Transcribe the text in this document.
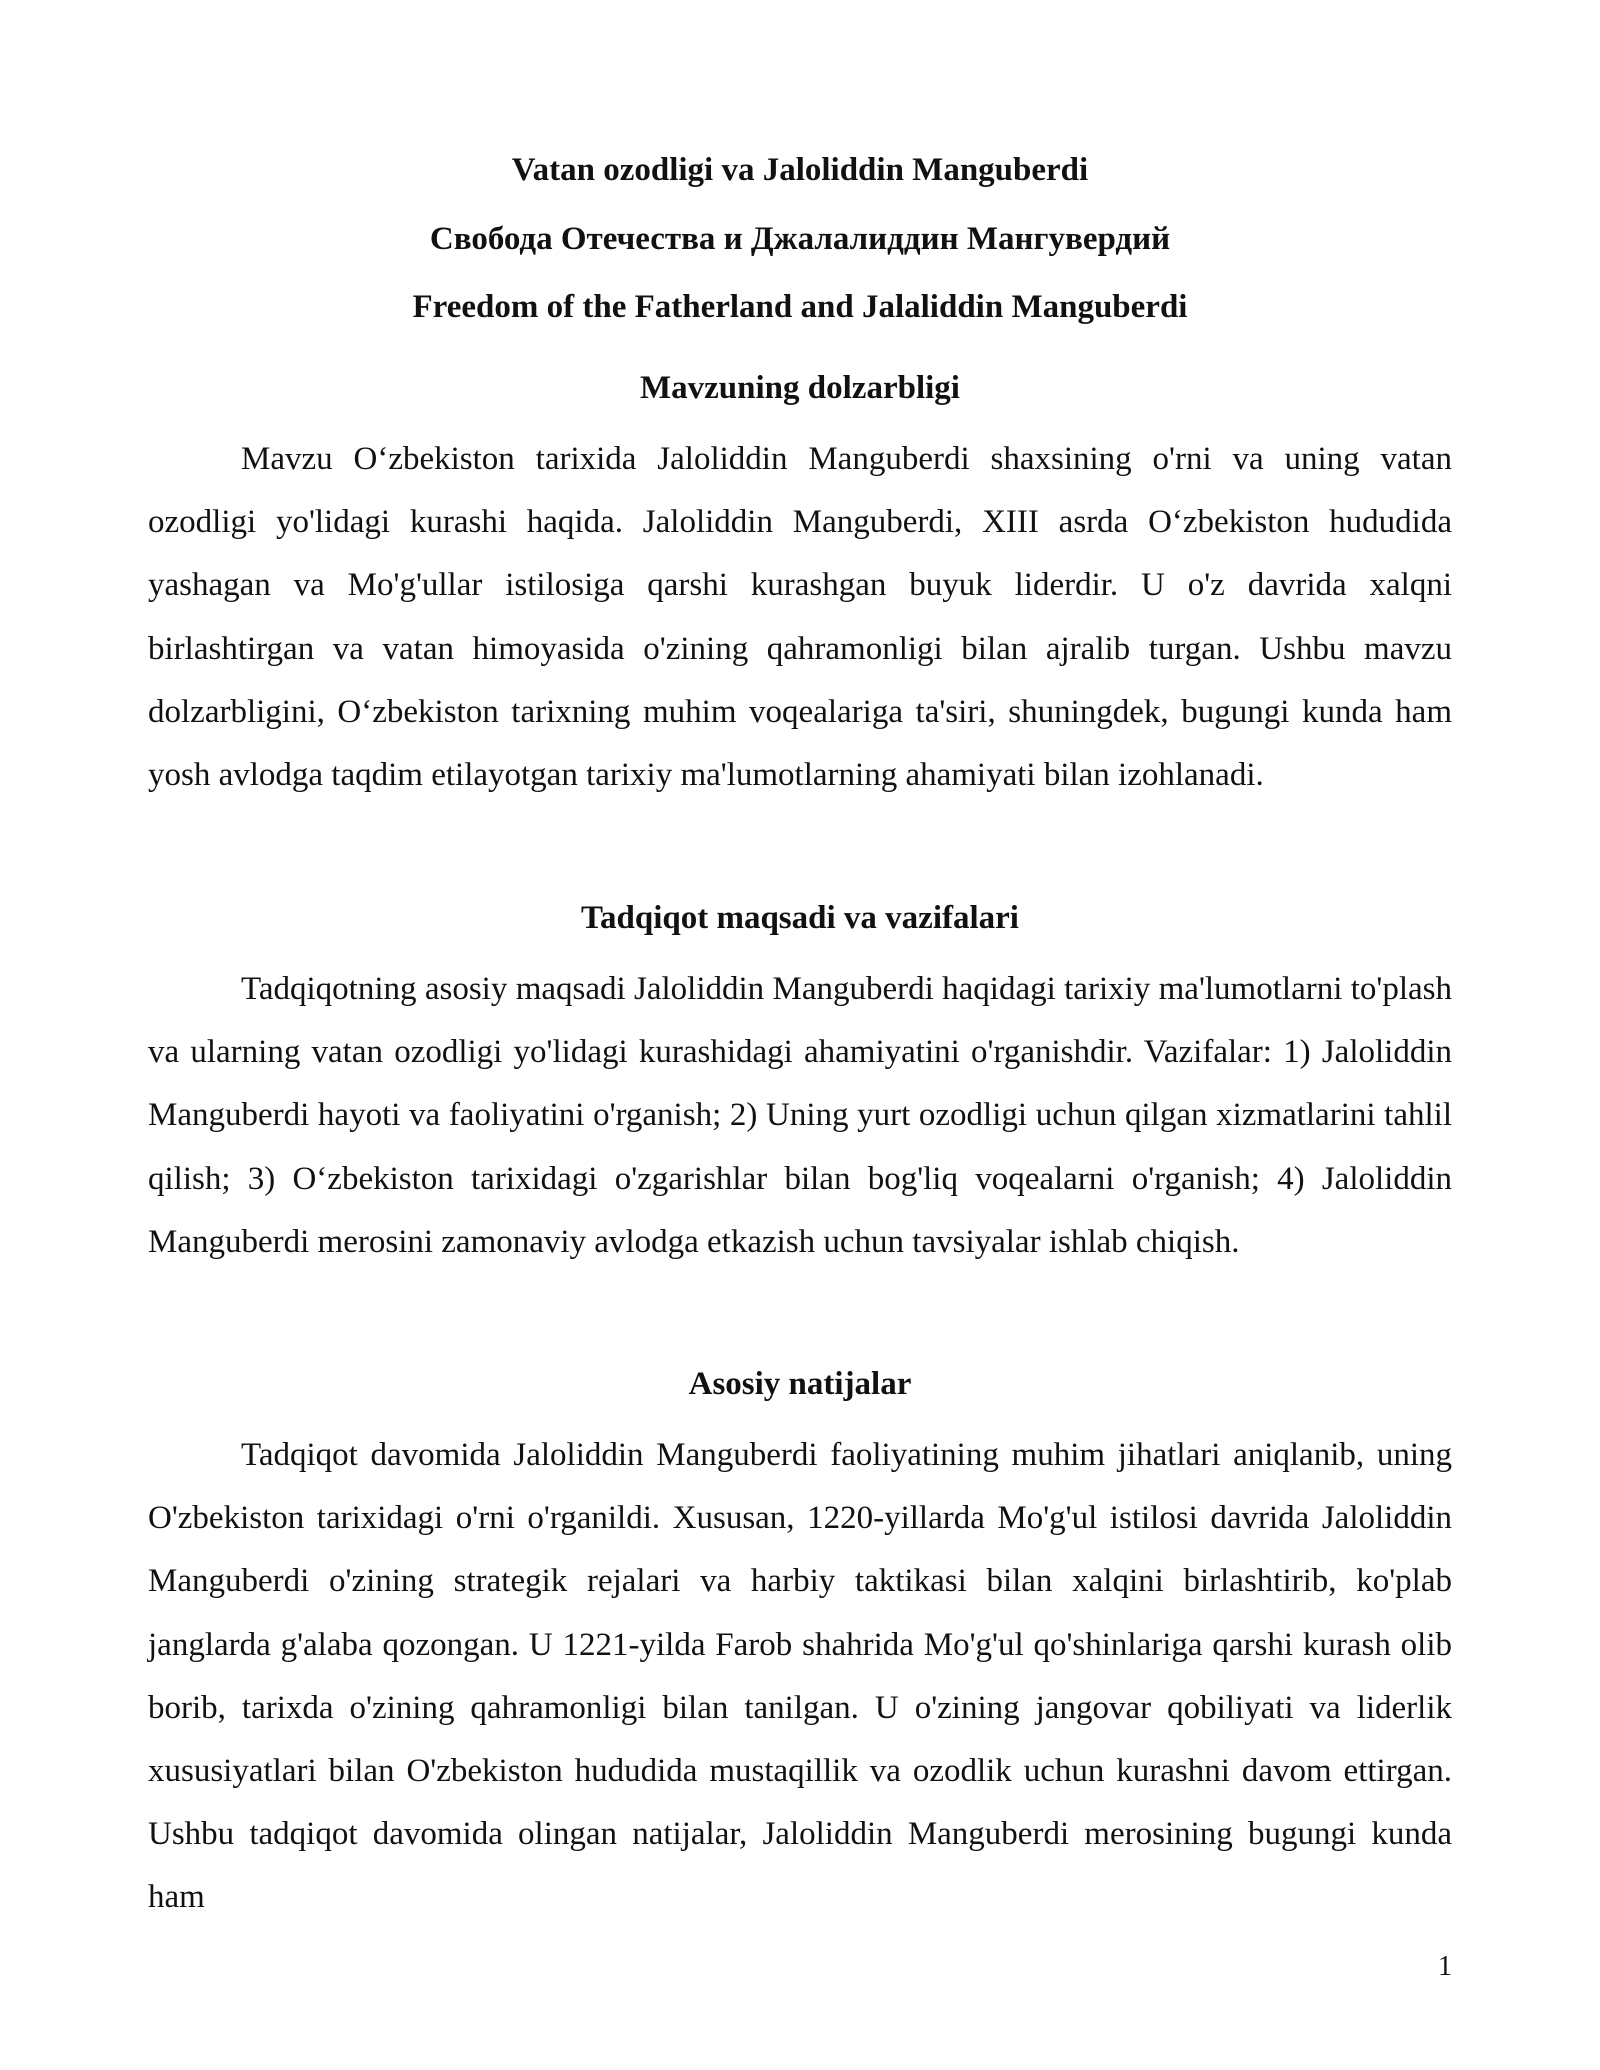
Vatan ozodligi va Jaloliddin Manguberdi
Свобода Отечества и Джалалиддин Мангувердий
Freedom of the Fatherland and Jalaliddin Manguberdi
Mavzuning dolzarbligi
Mavzu O‘zbekiston tarixida Jaloliddin Manguberdi shaxsining o'rni va uning vatan ozodligi yo'lidagi kurashi haqida. Jaloliddin Manguberdi, XIII asrda O‘zbekiston hududida yashagan va Mo'g'ullar istilosiga qarshi kurashgan buyuk liderdir. U o'z davrida xalqni birlashtirgan va vatan himoyasida o'zining qahramonligi bilan ajralib turgan. Ushbu mavzu dolzarbligini, O‘zbekiston tarixning muhim voqealariga ta'siri, shuningdek, bugungi kunda ham yosh avlodga taqdim etilayotgan tarixiy ma'lumotlarning ahamiyati bilan izohlanadi.
Tadqiqot maqsadi va vazifalari
Tadqiqotning asosiy maqsadi Jaloliddin Manguberdi haqidagi tarixiy ma'lumotlarni to'plash va ularning vatan ozodligi yo'lidagi kurashidagi ahamiyatini o'rganishdir. Vazifalar: 1) Jaloliddin Manguberdi hayoti va faoliyatini o'rganish; 2) Uning yurt ozodligi uchun qilgan xizmatlarini tahlil qilish; 3) O‘zbekiston tarixidagi o'zgarishlar bilan bog'liq voqealarni o'rganish; 4) Jaloliddin Manguberdi merosini zamonaviy avlodga etkazish uchun tavsiyalar ishlab chiqish.
Asosiy natijalar
Tadqiqot davomida Jaloliddin Manguberdi faoliyatining muhim jihatlari aniqlanib, uning O'zbekiston tarixidagi o'rni o'rganildi. Xususan, 1220-yillarda Mo'g'ul istilosi davrida Jaloliddin Manguberdi o'zining strategik rejalari va harbiy taktikasi bilan xalqini birlashtirib, ko'plab janglarda g'alaba qozongan. U 1221-yilda Farob shahrida Mo'g'ul qo'shinlariga qarshi kurash olib borib, tarixda o'zining qahramonligi bilan tanilgan. U o'zining jangovar qobiliyati va liderlik xususiyatlari bilan O'zbekiston hududida mustaqillik va ozodlik uchun kurashni davom ettirgan. Ushbu tadqiqot davomida olingan natijalar, Jaloliddin Manguberdi merosining bugungi kunda ham
1
